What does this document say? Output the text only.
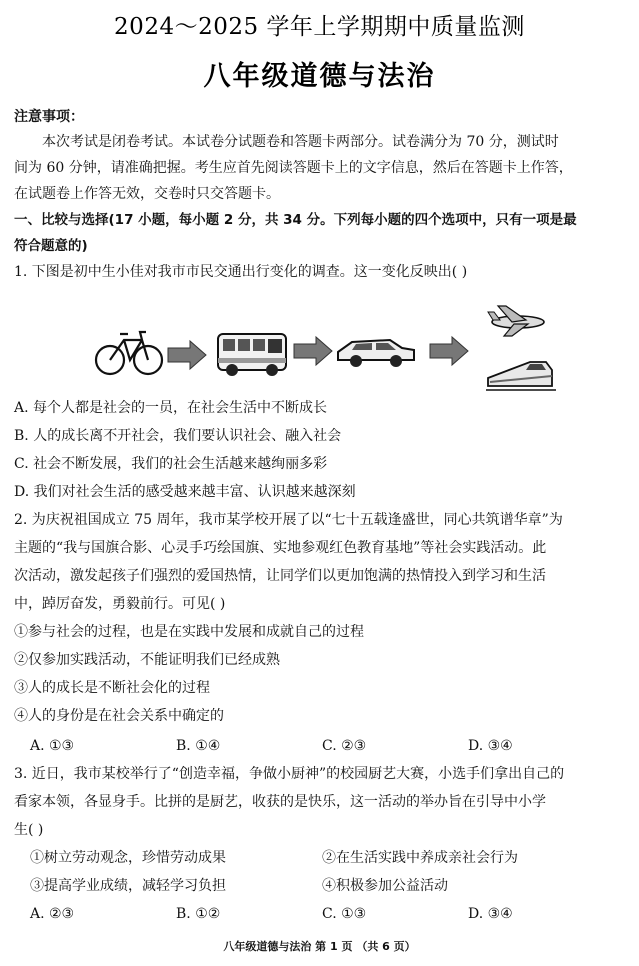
2024～2025 学年上学期期中质量监测
八年级道德与法治
注意事项：
本次考试是闭卷考试。本试卷分试题卷和答题卡两部分。试卷满分为 70 分，测试时
间为 60 分钟，请准确把握。考生应首先阅读答题卡上的文字信息，然后在答题卡上作答，
在试题卷上作答无效，交卷时只交答题卡。
一、比较与选择(17 小题，每小题 2 分，共 34 分。下列每小题的四个选项中，只有一项是最
符合题意的)
1. 下图是初中生小佳对我市市民交通出行变化的调查。这一变化反映出( )
A. 每个人都是社会的一员，在社会生活中不断成长
B. 人的成长离不开社会，我们要认识社会、融入社会
C. 社会不断发展，我们的社会生活越来越绚丽多彩
D. 我们对社会生活的感受越来越丰富、认识越来越深刻
2. 为庆祝祖国成立 75 周年，我市某学校开展了以“七十五载逢盛世，同心共筑谱华章”为
主题的“我与国旗合影、心灵手巧绘国旗、实地参观红色教育基地”等社会实践活动。此
次活动，激发起孩子们强烈的爱国热情，让同学们以更加饱满的热情投入到学习和生活
中，踔厉奋发，勇毅前行。可见( )
①参与社会的过程，也是在实践中发展和成就自己的过程
②仅参加实践活动，不能证明我们已经成熟
③人的成长是不断社会化的过程
④人的身份是在社会关系中确定的
A. ①③	B. ①④	C. ②③	D. ③④
3. 近日，我市某校举行了“创造幸福，争做小厨神”的校园厨艺大赛，小选手们拿出自己的
看家本领，各显身手。比拼的是厨艺，收获的是快乐，这一活动的举办旨在引导中小学
生( )
①树立劳动观念，珍惜劳动成果	②在生活实践中养成亲社会行为
③提高学业成绩，减轻学习负担	④积极参加公益活动
A. ②③	B. ①②	C. ①③	D. ③④
八年级道德与法治 第 1 页 （共 6 页）
